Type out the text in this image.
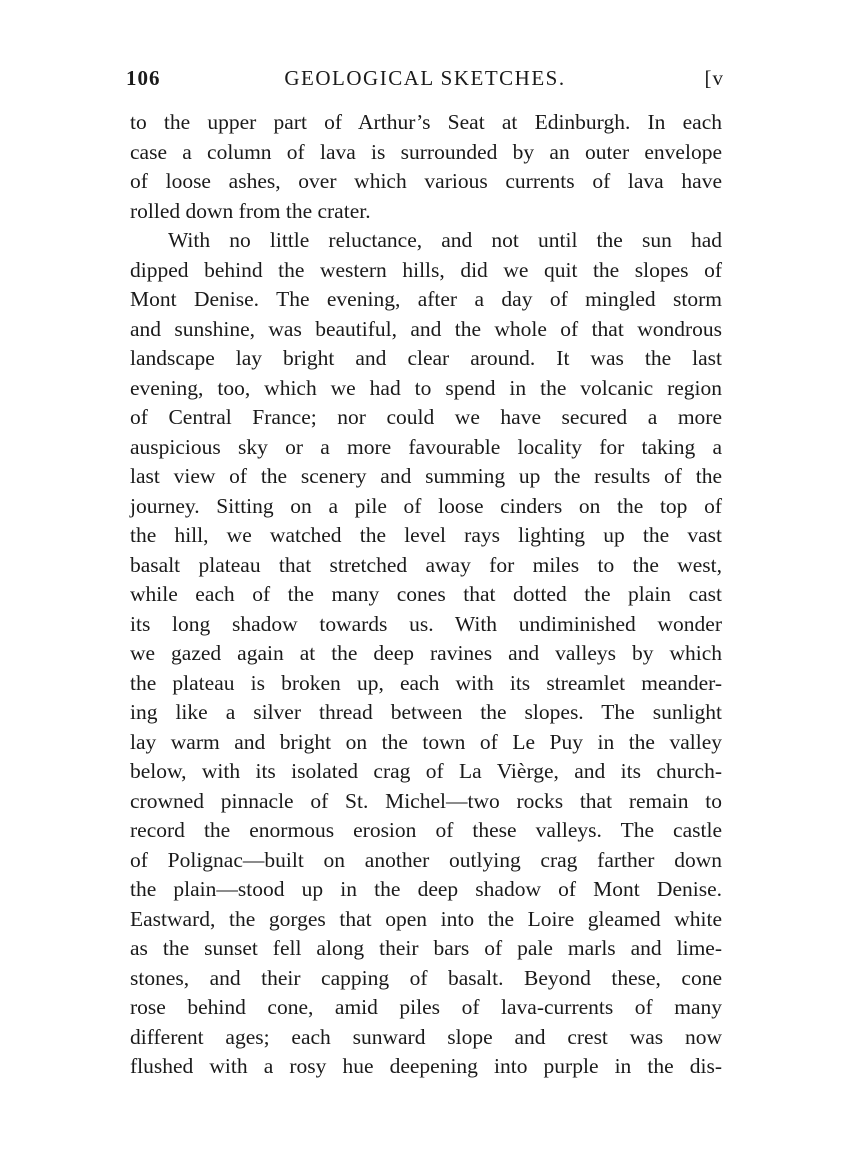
106	GEOLOGICAL SKETCHES.	[v
to the upper part of Arthur’s Seat at Edinburgh. In each
case a column of lava is surrounded by an outer envelope
of loose ashes, over which various currents of lava have
rolled down from the crater.
With no little reluctance, and not until the sun had
dipped behind the western hills, did we quit the slopes of
Mont Denise. The evening, after a day of mingled storm
and sunshine, was beautiful, and the whole of that wondrous
landscape lay bright and clear around. It was the last
evening, too, which we had to spend in the volcanic region
of Central France; nor could we have secured a more
auspicious sky or a more favourable locality for taking a
last view of the scenery and summing up the results of the
journey. Sitting on a pile of loose cinders on the top of
the hill, we watched the level rays lighting up the vast
basalt plateau that stretched away for miles to the west,
while each of the many cones that dotted the plain cast
its long shadow towards us. With undiminished wonder
we gazed again at the deep ravines and valleys by which
the plateau is broken up, each with its streamlet meander-
ing like a silver thread between the slopes. The sunlight
lay warm and bright on the town of Le Puy in the valley
below, with its isolated crag of La Vièrge, and its church-
crowned pinnacle of St. Michel—two rocks that remain to
record the enormous erosion of these valleys. The castle
of Polignac—built on another outlying crag farther down
the plain—stood up in the deep shadow of Mont Denise.
Eastward, the gorges that open into the Loire gleamed white
as the sunset fell along their bars of pale marls and lime-
stones, and their capping of basalt. Beyond these, cone
rose behind cone, amid piles of lava-currents of many
different ages; each sunward slope and crest was now
flushed with a rosy hue deepening into purple in the dis-
